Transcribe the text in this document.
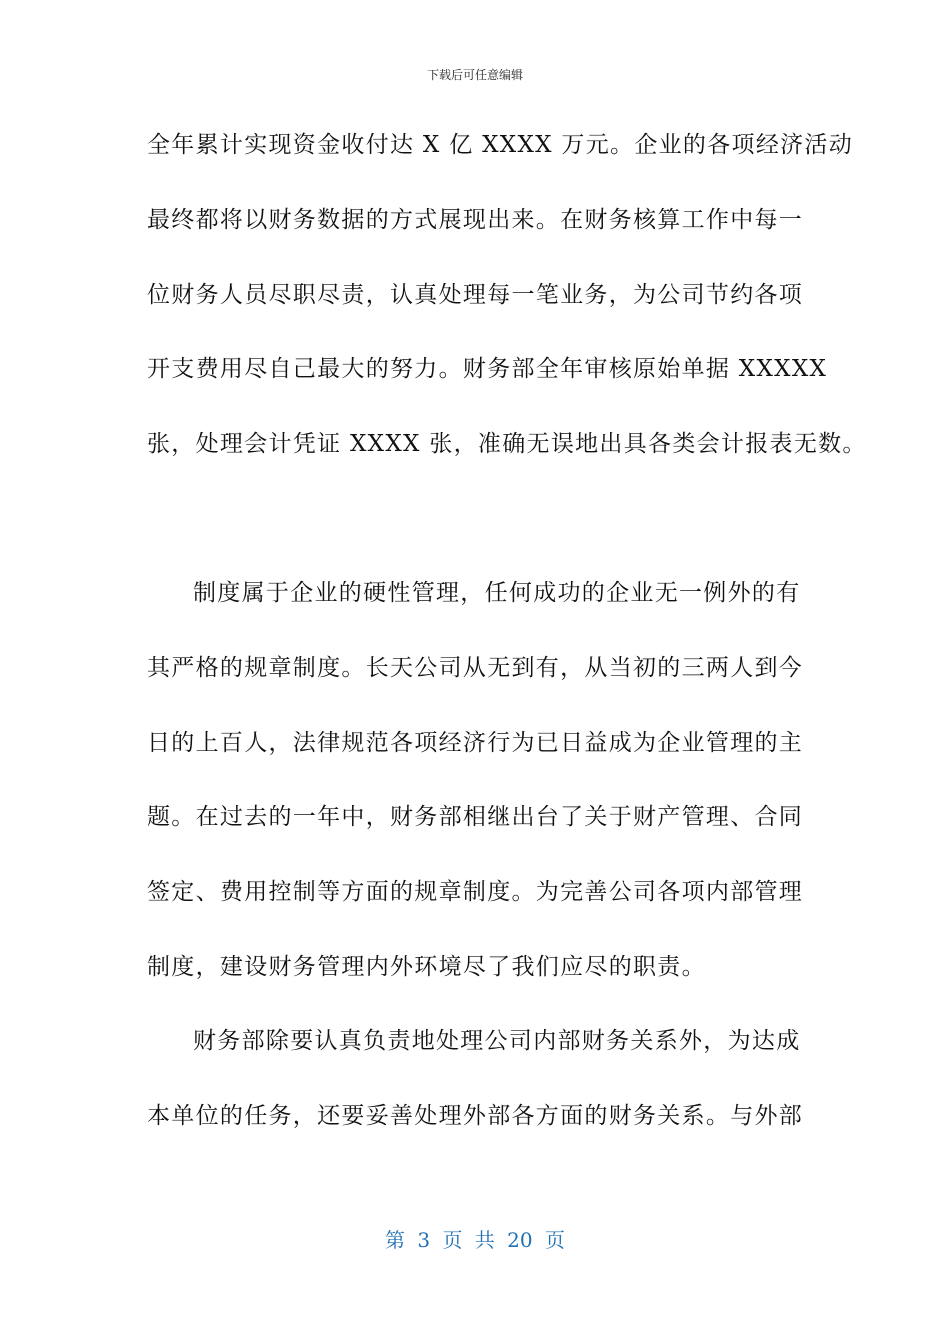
下载后可任意编辑
全年累计实现资金收付达 X 亿 XXXX 万元。企业的各项经济活动
最终都将以财务数据的方式展现出来。在财务核算工作中每一
位财务人员尽职尽责，认真处理每一笔业务，为公司节约各项
开支费用尽自己最大的努力。财务部全年审核原始单据 XXXXX
张，处理会计凭证 XXXX 张，准确无误地出具各类会计报表无数。
制度属于企业的硬性管理，任何成功的企业无一例外的有
其严格的规章制度。长天公司从无到有，从当初的三两人到今
日的上百人，法律规范各项经济行为已日益成为企业管理的主
题。在过去的一年中，财务部相继出台了关于财产管理、合同
签定、费用控制等方面的规章制度。为完善公司各项内部管理
制度，建设财务管理内外环境尽了我们应尽的职责。
财务部除要认真负责地处理公司内部财务关系外，为达成
本单位的任务，还要妥善处理外部各方面的财务关系。与外部
第 3 页 共 20 页
